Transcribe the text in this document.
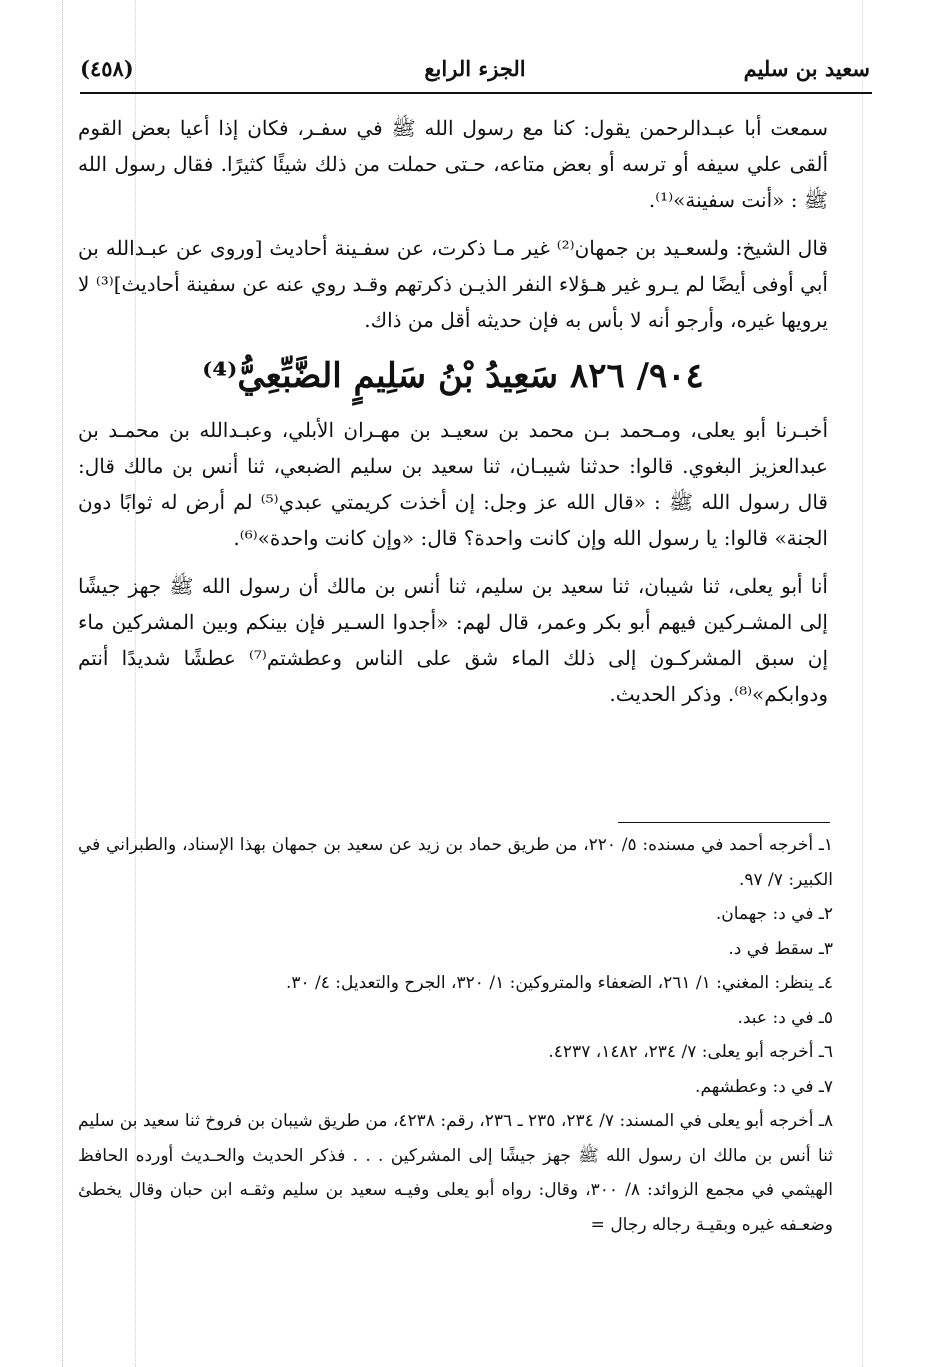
سعيد بن سليم
الجزء الرابع
(٤٥٨)

سمعت أبا عبـدالرحمن يقول: كنا مع رسول الله ﷺ في سفـر، فكان إذا أعيا بعض القوم ألقى علي سيفه أو ترسه أو بعض متاعه، حـتى حملت من ذلك شيئًا كثيرًا. فقال رسول الله ﷺ : «أنت سفينة»⁽¹⁾.

قال الشيخ: ولسعـيد بن جمهان⁽²⁾ غير مـا ذكرت، عن سفـينة أحاديث [وروى عن عبـدالله بن أبي أوفى أيضًا لم يـرو غير هـؤلاء النفر الذيـن ذكرتهم وقـد روي عنه عن سفينة أحاديث]⁽³⁾ لا يرويها غيره، وأرجو أنه لا بأس به فإن حديثه أقل من ذاك.

٩٠٤/ ٨٢٦ سَعِيدُ بْنُ سَلِيمٍ الضَّبِّعِيُّ⁽⁴⁾

أخبـرنا أبو يعلى، ومـحمد بـن محمد بن سعيـد بن مهـران الأبلي، وعبـدالله بن محمـد بن عبدالعزيز البغوي. قالوا: حدثنا شيبـان، ثنا سعيد بن سليم الضبعي، ثنا أنس بن مالك قال: قال رسول الله ﷺ : «قال الله عز وجل: إن أخذت كريمتي عبدي⁽⁵⁾ لم أرض له ثوابًا دون الجنة» قالوا: يا رسول الله وإن كانت واحدة؟ قال: «وإن كانت واحدة»⁽⁶⁾.

أنا أبو يعلى، ثنا شيبان، ثنا سعيد بن سليم، ثنا أنس بن مالك أن رسول الله ﷺ جهز جيشًا إلى المشـركين فيهم أبو بكر وعمر، قال لهم: «أجدوا السـير فإن بينكم وبين المشركين ماء إن سبق المشركـون إلى ذلك الماء شق على الناس وعطشتم⁽⁷⁾ عطشًا شديدًا أنتم ودوابكم»⁽⁸⁾. وذكر الحديث.

١ـ أخرجه أحمد في مسنده: ٥/ ٢٢٠، من طريق حماد بن زيد عن سعيد بن جمهان بهذا الإسناد، والطبراني في الكبير: ٧/ ٩٧.

٢ـ في د: جهمان.

٣ـ سقط في د.

٤ـ ينظر: المغني: ١/ ٢٦١، الضعفاء والمتروكين: ١/ ٣٢٠، الجرح والتعديل: ٤/ ٣٠.

٥ـ في د: عبد.

٦ـ أخرجه أبو يعلى: ٧/ ٢٣٤، ١٤٨٢، ٤٢٣٧.

٧ـ في د: وعطشهم.

٨ـ أخرجه أبو يعلى في المسند: ٧/ ٢٣٤، ٢٣٥ ـ ٢٣٦، رقم: ٤٢٣٨، من طريق شيبان بن فروخ ثنا سعيد بن سليم ثنا أنس بن مالك ان رسول الله ﷺ جهز جيشًا إلى المشركين . . . فذكر الحديث والحـديث أورده الحافظ الهيثمي في مجمع الزوائد: ٨/ ٣٠٠، وقال: رواه أبو يعلى وفيـه سعيد بن سليم وثقـه ابن حبان وقال يخطئ وضعـفه غيره وبقيـة رجاله رجال =
